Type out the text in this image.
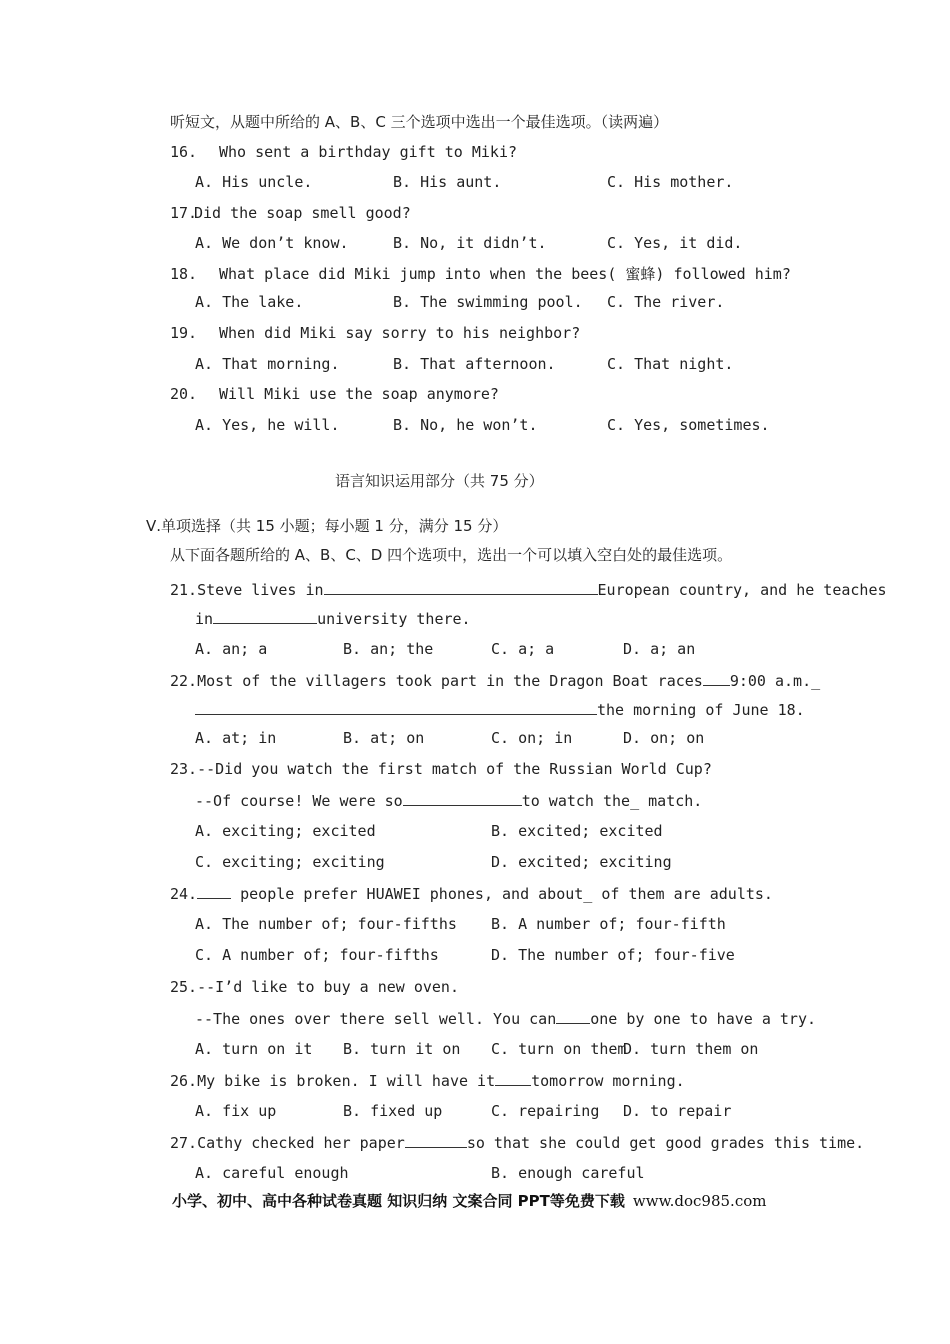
听短文，从题中所给的 A、B、C 三个选项中选出一个最佳选项。（读两遍）
16. Who sent a birthday gift to Miki?
A. His uncle.	B. His aunt.	C. His mother.
17.
Did the soap smell good?
A. We don’t know.	B. No, it didn’t.	C. Yes, it did.
18. What place did Miki jump into when the bees( 蜜蜂) followed him?
A. The lake.	B. The swimming pool. C. The river.
19. When did Miki say sorry to his neighbor?
A. That morning.	B. That afternoon.	C. That night.
20. Will Miki use the soap anymore?
A. Yes, he will.	B. No, he won’t.	C. Yes, sometimes.
语言知识运用部分（共 75 分）
Ⅴ.单项选择（共 15 小题；每小题 1 分，满分 15 分）
从下面各题所给的 A、B、C、D 四个选项中，选出一个可以填入空白处的最佳选项。
21.Steve lives in	European country, and he teaches
in	university there.
A. an; a	B. an; the	C. a; a	D. a; an
22.Most of the villagers took part in the Dragon Boat races 9:00 a.m._
the morning of June 18.
A. at; in	B. at; on	C. on; in	D. on; on
23.--Did you watch the first match of the Russian World Cup?
--Of course! We were so	to watch the_ match.
A. exciting; excited	B. excited; excited
C. exciting; exciting	D. excited; exciting
24. people prefer HUAWEI phones, and about_ of them are adults.
A. The number of; four-fifths B. A number of; four-fifth
C. A number of; four-fifths	D. The number of; four-five
25.--I’d like to buy a new oven.
--The ones over there sell well. You can one by one to have a try.
A. turn on it B. turn it on C. turn on them
D. turn them on
26.My bike is broken. I will have it tomorrow morning.
A. fix up	B. fixed up	C. repairing D. to repair
27.Cathy checked her paper	so that she could get good grades this time.
A. careful enough	B. enough careful
小学、初中、高中各种试卷真题 知识归纳 文案合同 PPT等免费下载 www.doc985.com
